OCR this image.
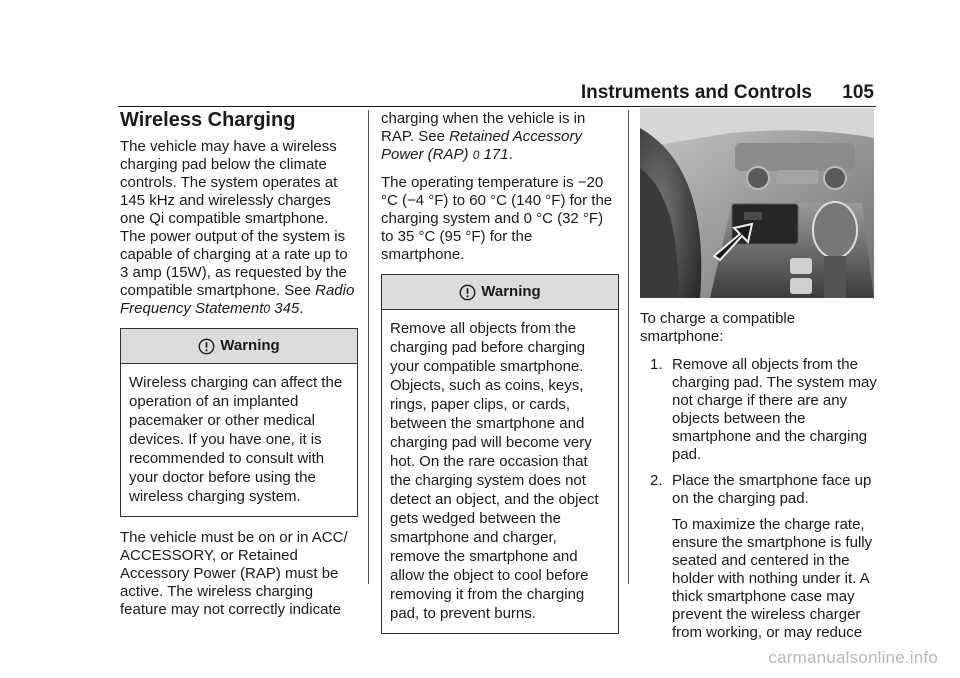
Instruments and Controls 105
Wireless Charging

The vehicle may have a wireless charging pad below the climate controls. The system operates at 145 kHz and wirelessly charges one Qi compatible smartphone. The power output of the system is capable of charging at a rate up to 3 amp (15W), as requested by the compatible smartphone. See Radio Frequency Statement0 345.

Warning
Wireless charging can affect the operation of an implanted pacemaker or other medical devices. If you have one, it is recommended to consult with your doctor before using the wireless charging system.

The vehicle must be on or in ACC/ ACCESSORY, or Retained Accessory Power (RAP) must be active. The wireless charging feature may not correctly indicate

charging when the vehicle is in RAP. See Retained Accessory Power (RAP) 0 171.

The operating temperature is −20 °C (−4 °F) to 60 °C (140 °F) for the charging system and 0 °C (32 °F) to 35 °C (95 °F) for the smartphone.

Warning
Remove all objects from the charging pad before charging your compatible smartphone. Objects, such as coins, keys, rings, paper clips, or cards, between the smartphone and charging pad will become very hot. On the rare occasion that the charging system does not detect an object, and the object gets wedged between the smartphone and charger, remove the smartphone and allow the object to cool before removing it from the charging pad, to prevent burns.

To charge a compatible smartphone:

1. Remove all objects from the charging pad. The system may not charge if there are any objects between the smartphone and the charging pad.

2. Place the smartphone face up on the charging pad.

To maximize the charge rate, ensure the smartphone is fully seated and centered in the holder with nothing under it. A thick smartphone case may prevent the wireless charger from working, or may reduce

carmanualsonline.info
